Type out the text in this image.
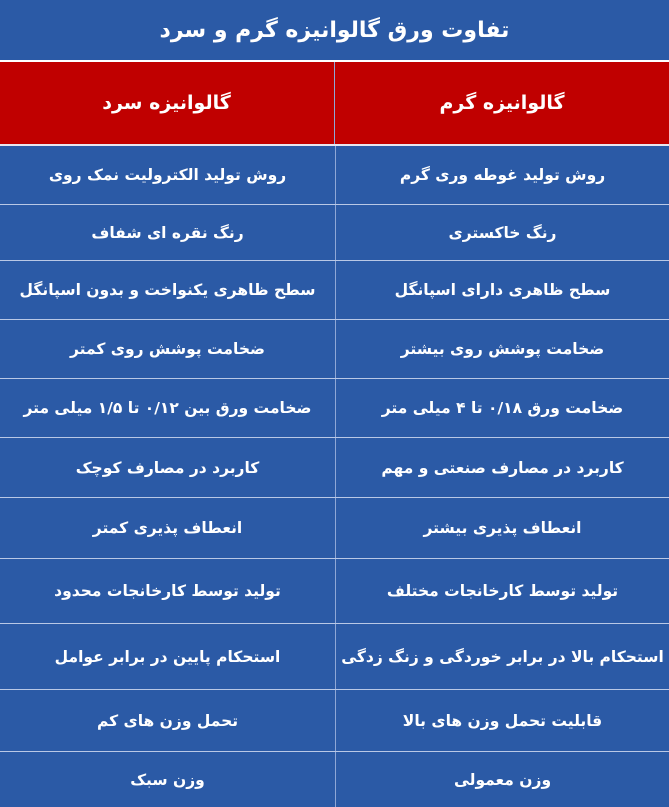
تفاوت ورق گالوانیزه گرم و سرد
گالوانیزه گرم
گالوانیزه سرد
روش تولید غوطه وری گرم
روش تولید الکترولیت نمک روی
رنگ خاکستری
رنگ نقره ای شفاف
سطح ظاهری دارای اسپانگل
سطح ظاهری یکنواخت و بدون اسپانگل
ضخامت پوشش روی بیشتر
ضخامت پوشش روی کمتر
ضخامت ورق ۰/۱۸ تا ۴ میلی متر
ضخامت ورق بین ۰/۱۲ تا ۱/۵ میلی متر
کاربرد در مصارف صنعتی و مهم
کاربرد در مصارف کوچک
انعطاف پذیری بیشتر
انعطاف پذیری کمتر
تولید توسط کارخانجات مختلف
تولید توسط کارخانجات محدود
استحکام بالا در برابر خوردگی و زنگ زدگی
استحکام پایین در برابر عوامل
قابلیت تحمل وزن های بالا
تحمل وزن های کم
وزن معمولی
وزن سبک
